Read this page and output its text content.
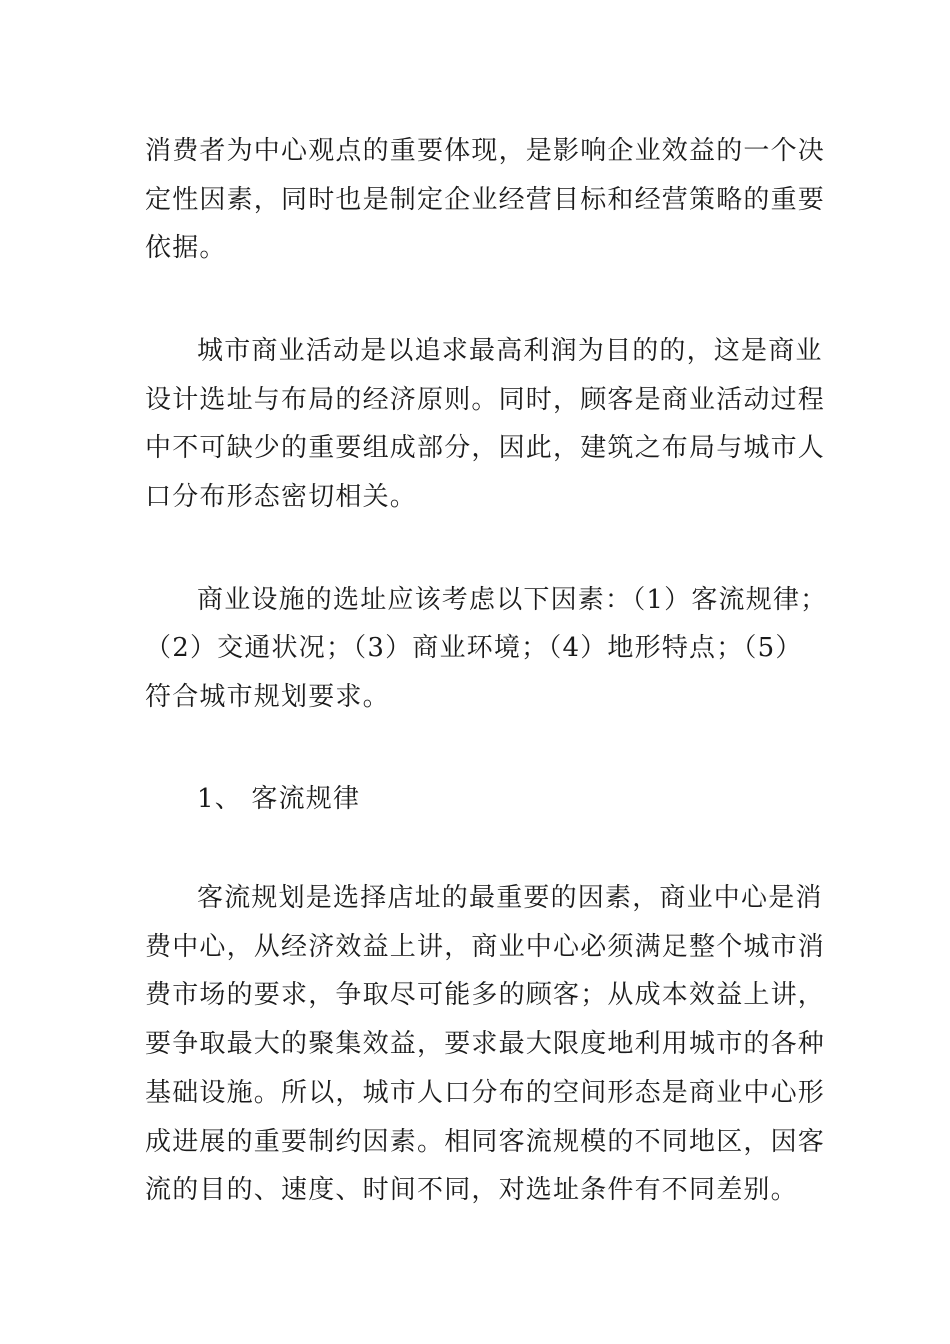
消费者为中心观点的重要体现，是影响企业效益的一个决

定性因素，同时也是制定企业经营目标和经营策略的重要

依据。

城市商业活动是以追求最高利润为目的的，这是商业

设计选址与布局的经济原则。同时，顾客是商业活动过程

中不可缺少的重要组成部分，因此，建筑之布局与城市人

口分布形态密切相关。

商业设施的选址应该考虑以下因素：（1）客流规律；

（2）交通状况；（3）商业环境；（4）地形特点；（5）

符合城市规划要求。

1、 客流规律

客流规划是选择店址的最重要的因素，商业中心是消

费中心，从经济效益上讲，商业中心必须满足整个城市消

费市场的要求，争取尽可能多的顾客；从成本效益上讲，

要争取最大的聚集效益，要求最大限度地利用城市的各种

基础设施。所以，城市人口分布的空间形态是商业中心形

成进展的重要制约因素。相同客流规模的不同地区，因客

流的目的、速度、时间不同，对选址条件有不同差别。
